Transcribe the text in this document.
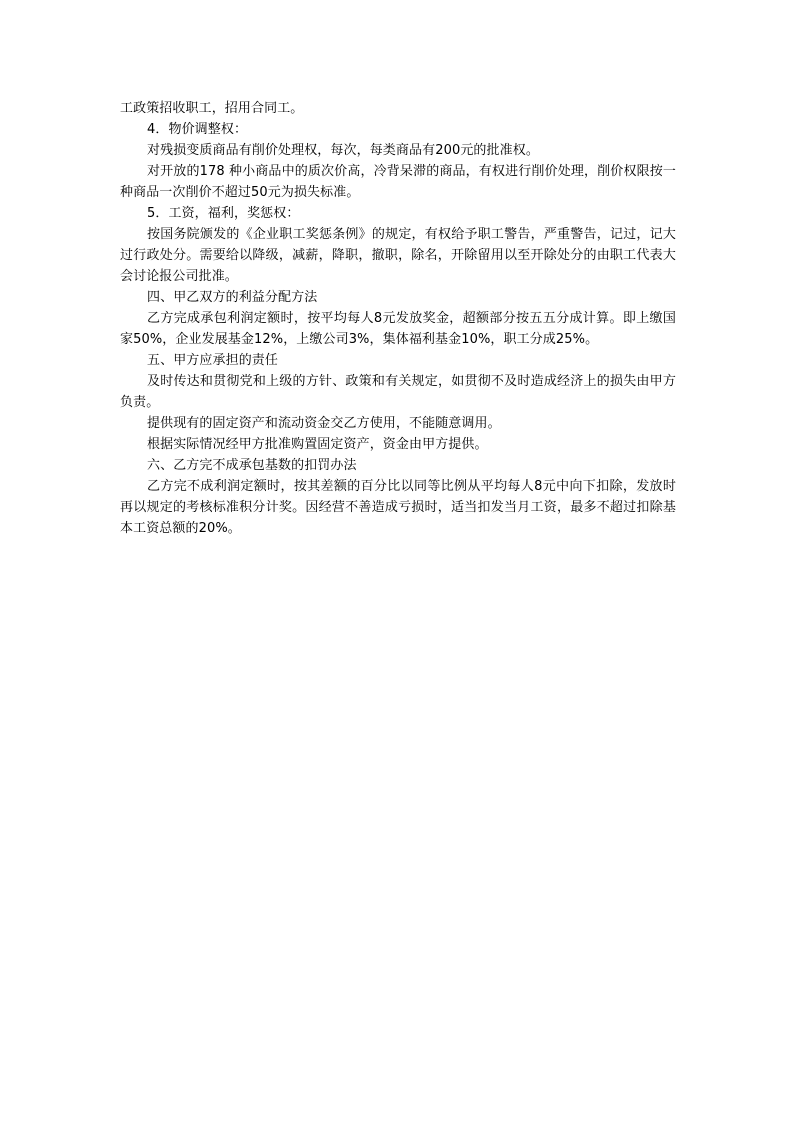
工政策招收职工，招用合同工。

4．物价调整权：

对残损变质商品有削价处理权，每次，每类商品有200元的批准权。

对开放的178 种小商品中的质次价高，冷背呆滞的商品，有权进行削价处理，削价权限按一种商品一次削价不超过50元为损失标准。

5．工资，福利，奖惩权：

按国务院颁发的《企业职工奖惩条例》的规定，有权给予职工警告，严重警告，记过，记大过行政处分。需要给以降级，减薪，降职，撤职，除名，开除留用以至开除处分的由职工代表大会讨论报公司批准。

四、甲乙双方的利益分配方法

乙方完成承包利润定额时，按平均每人8元发放奖金，超额部分按五五分成计算。即上缴国家50%，企业发展基金12%，上缴公司3%，集体福利基金10%，职工分成25%。

五、甲方应承担的责任

及时传达和贯彻党和上级的方针、政策和有关规定，如贯彻不及时造成经济上的损失由甲方负责。

提供现有的固定资产和流动资金交乙方使用，不能随意调用。

根据实际情况经甲方批准购置固定资产，资金由甲方提供。

六、乙方完不成承包基数的扣罚办法

乙方完不成利润定额时，按其差额的百分比以同等比例从平均每人8元中向下扣除，发放时再以规定的考核标准积分计奖。因经营不善造成亏损时，适当扣发当月工资，最多不超过扣除基本工资总额的20%。
